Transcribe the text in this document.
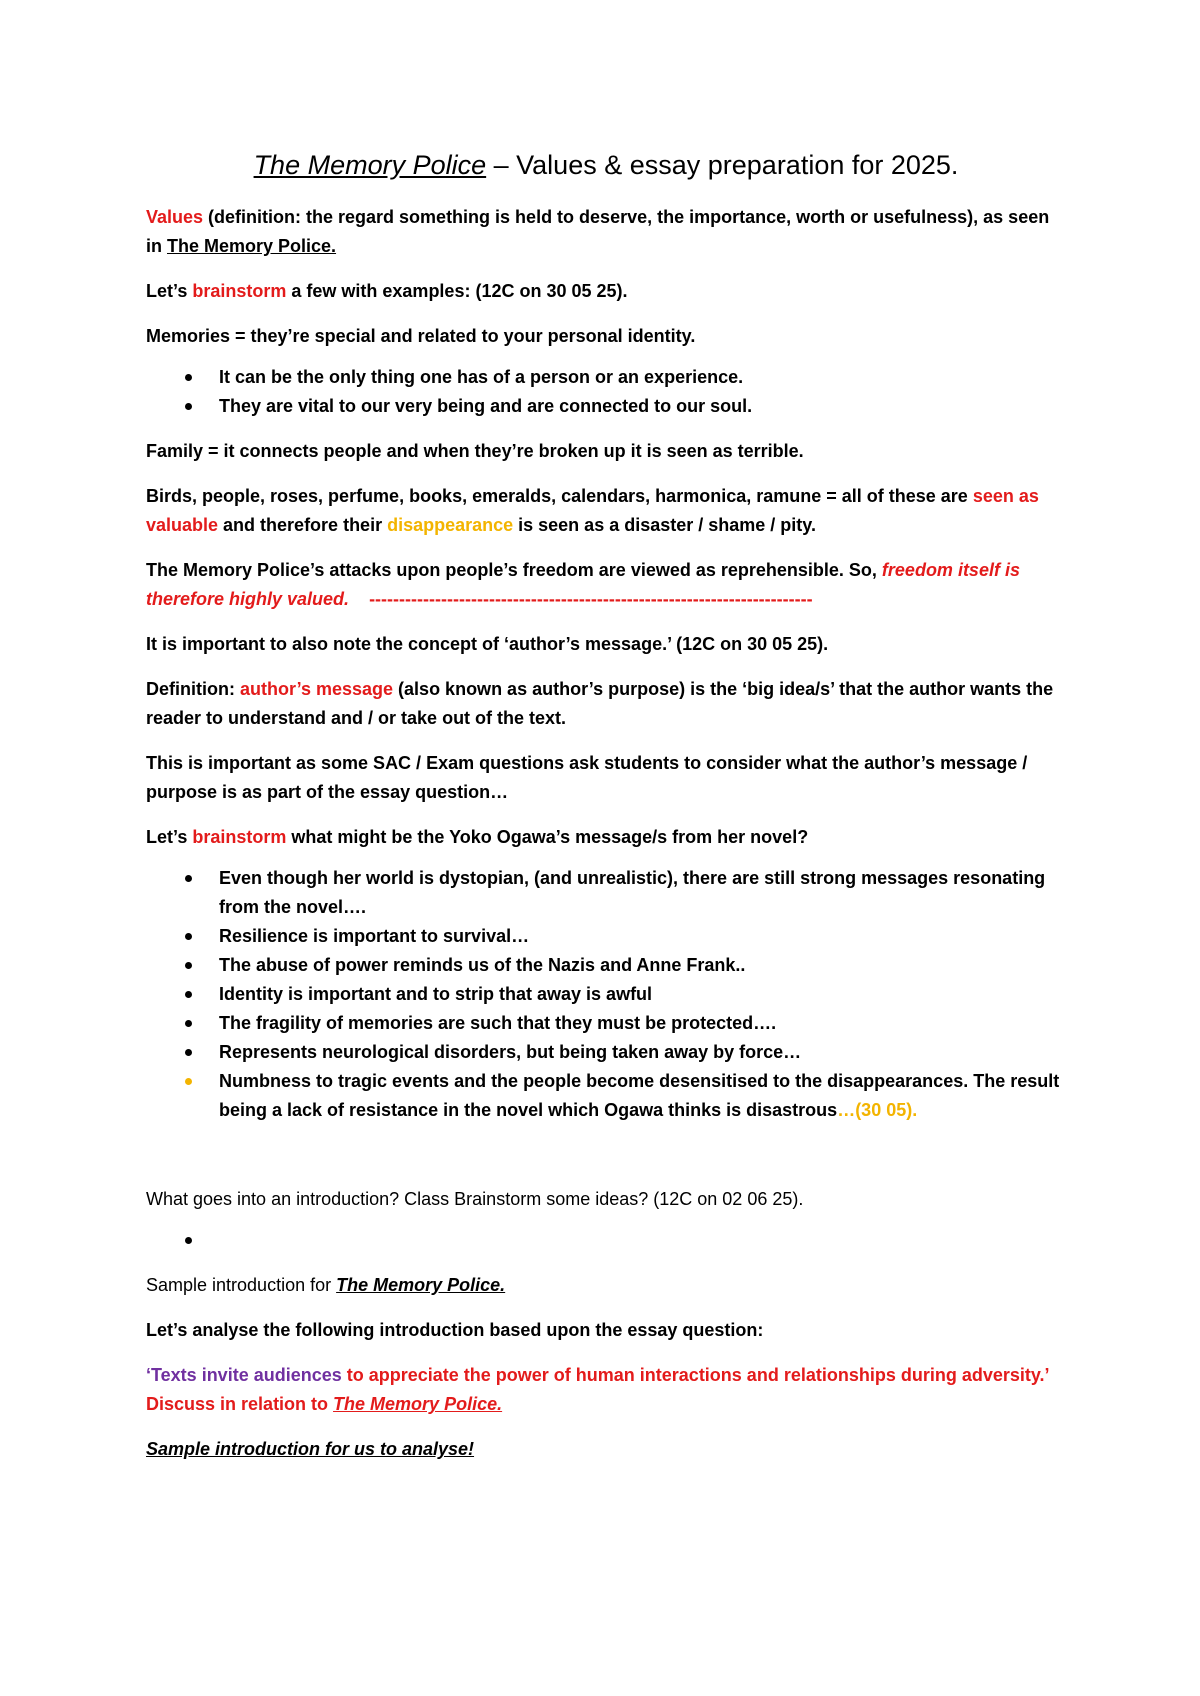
The Memory Police – Values & essay preparation for 2025.

Values (definition: the regard something is held to deserve, the importance, worth or usefulness), as seen in The Memory Police.

Let’s brainstorm a few with examples: (12C on 30 05 25).

Memories = they’re special and related to your personal identity.

It can be the only thing one has of a person or an experience.
They are vital to our very being and are connected to our soul.

Family = it connects people and when they’re broken up it is seen as terrible.

Birds, people, roses, perfume, books, emeralds, calendars, harmonica, ramune = all of these are seen as valuable and therefore their disappearance is seen as a disaster / shame / pity.

The Memory Police’s attacks upon people’s freedom are viewed as reprehensible. So, freedom itself is therefore highly valued. --------------------------------------------------------------------------

It is important to also note the concept of ‘author’s message.’ (12C on 30 05 25).

Definition: author’s message (also known as author’s purpose) is the ‘big idea/s’ that the author wants the reader to understand and / or take out of the text.

This is important as some SAC / Exam questions ask students to consider what the author’s message / purpose is as part of the essay question…

Let’s brainstorm what might be the Yoko Ogawa’s message/s from her novel?

Even though her world is dystopian, (and unrealistic), there are still strong messages resonating from the novel….
Resilience is important to survival…
The abuse of power reminds us of the Nazis and Anne Frank..
Identity is important and to strip that away is awful
The fragility of memories are such that they must be protected….
Represents neurological disorders, but being taken away by force…
Numbness to tragic events and the people become desensitised to the disappearances. The result being a lack of resistance in the novel which Ogawa thinks is disastrous…(30 05).

What goes into an introduction? Class Brainstorm some ideas? (12C on 02 06 25).

Sample introduction for The Memory Police.

Let’s analyse the following introduction based upon the essay question:

‘Texts invite audiences to appreciate the power of human interactions and relationships during adversity.’ Discuss in relation to The Memory Police.

Sample introduction for us to analyse!
